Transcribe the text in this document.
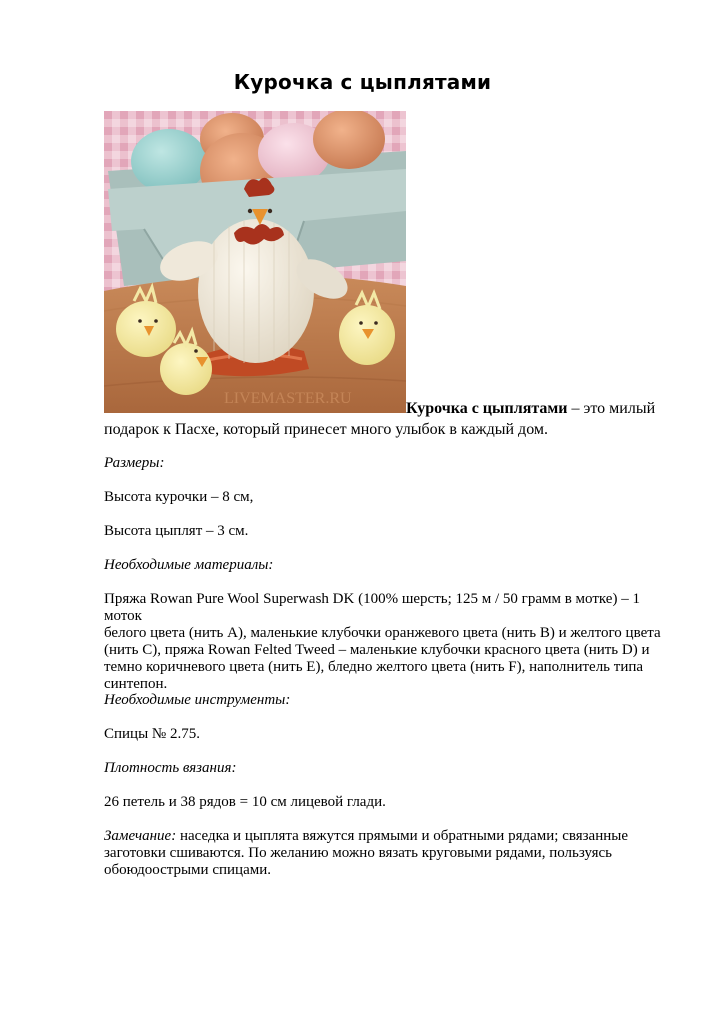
Курочка с цыплятами
LIVEMASTER.RU
Курочка с цыплятами – это милый
подарок к Пасхе, который принесет много улыбок в каждый дом.
Размеры:
Высота курочки – 8 см,
Высота цыплят – 3 см.
Необходимые материалы:
Пряжа Rowan Pure Wool Superwash DK (100% шерсть; 125 м / 50 грамм в мотке) – 1 моток
белого цвета (нить А), маленькие клубочки оранжевого цвета (нить В) и желтого цвета
(нить С), пряжа Rowan Felted Tweed – маленькие клубочки красного цвета (нить D) и
темно коричневого цвета (нить Е), бледно желтого цвета (нить F), наполнитель типа
синтепон.
Необходимые инструменты:
Спицы № 2.75.
Плотность вязания:
26 петель и 38 рядов = 10 см лицевой глади.
Замечание: наседка и цыплята вяжутся прямыми и обратными рядами; связанные
заготовки сшиваются. По желанию можно вязать круговыми рядами, пользуясь
обоюдоострыми спицами.
